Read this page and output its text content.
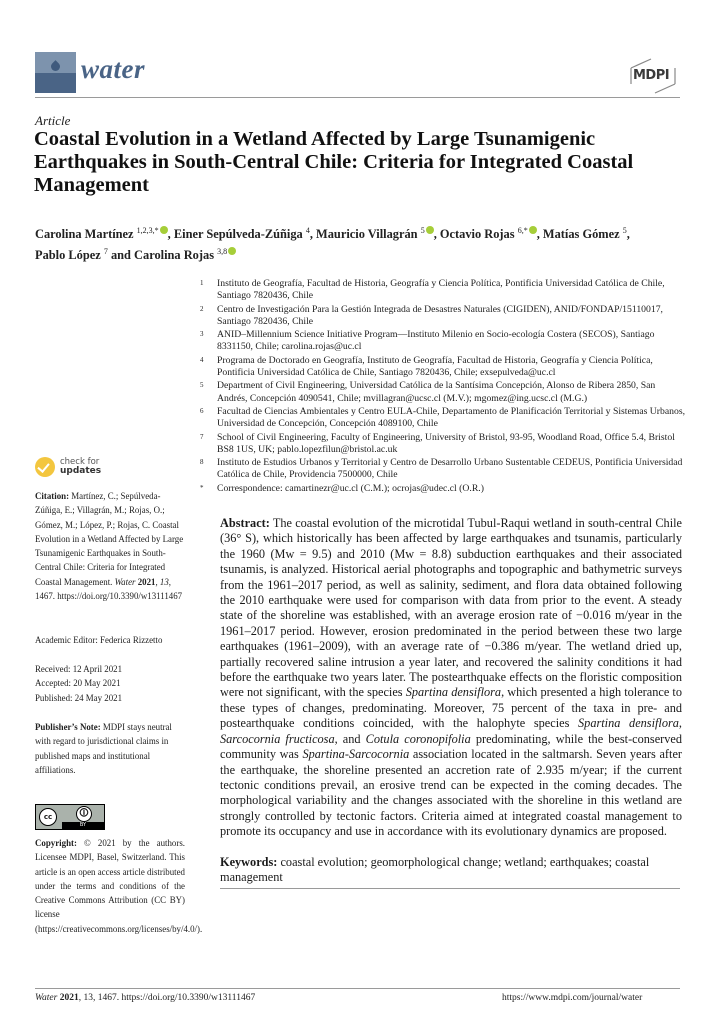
water	MDPI
Article
Coastal Evolution in a Wetland Affected by Large Tsunamigenic Earthquakes in South-Central Chile: Criteria for Integrated Coastal Management
Carolina Martínez $^{1,2,3,*}$ , Einer Sepúlveda-Zúñiga $^4$, Mauricio Villagrán $^5$ , Octavio Rojas $^{6,*}$ , Matías Gómez $^5$,
Pablo López $^7$ and Carolina Rojas $^{3,8}$
1 Instituto de Geografía, Facultad de Historia, Geografía y Ciencia Política, Pontificia Universidad Católica de Chile, Santiago 7820436, Chile
2 Centro de Investigación Para la Gestión Integrada de Desastres Naturales (CIGIDEN), ANID/FONDAP/15110017, Santiago 7820436, Chile
3 ANID–Millennium Science Initiative Program—Instituto Milenio en Socio-ecología Costera (SECOS), Santiago 8331150, Chile; carolina.rojas@uc.cl
4 Programa de Doctorado en Geografía, Instituto de Geografía, Facultad de Historia, Geografía y Ciencia Política, Pontificia Universidad Católica de Chile, Santiago 7820436, Chile; exsepulveda@uc.cl
5 Department of Civil Engineering, Universidad Católica de la Santísima Concepción, Alonso de Ribera 2850, San Andrés, Concepción 4090541, Chile; mvillagran@ucsc.cl (M.V.); mgomez@ing.ucsc.cl (M.G.)
6 Facultad de Ciencias Ambientales y Centro EULA-Chile, Departamento de Planificación Territorial y Sistemas Urbanos, Universidad de Concepción, Concepción 4089100, Chile
7 School of Civil Engineering, Faculty of Engineering, University of Bristol, 93-95, Woodland Road, Office 5.4, Bristol BS8 1US, UK; pablo.lopezfilun@bristol.ac.uk
8 Instituto de Estudios Urbanos y Territorial y Centro de Desarrollo Urbano Sustentable CEDEUS, Pontificia Universidad Católica de Chile, Providencia 7500000, Chile
* Correspondence: camartinezr@uc.cl (C.M.); ocrojas@udec.cl (O.R.)
check for
updates
Citation: Martínez, C.; Sepúlveda-Zúñiga, E.; Villagrán, M.; Rojas, O.; Gómez, M.; López, P.; Rojas, C. Coastal Evolution in a Wetland Affected by Large Tsunamigenic Earthquakes in South-Central Chile: Criteria for Integrated Coastal Management. Water 2021, 13, 1467. https://doi.org/10.3390/w13111467
Academic Editor: Federica Rizzetto
Received: 12 April 2021
Accepted: 20 May 2021
Published: 24 May 2021
Publisher’s Note: MDPI stays neutral with regard to jurisdictional claims in published maps and institutional affiliations.
cc	🛈
BY
Copyright: © 2021 by the authors. Licensee MDPI, Basel, Switzerland. This article is an open access article distributed under the terms and conditions of the Creative Commons Attribution (CC BY) license (https://creativecommons.org/licenses/by/4.0/).
Abstract: The coastal evolution of the microtidal Tubul-Raqui wetland in south-central Chile (36° S), which historically has been affected by large earthquakes and tsunamis, particularly the 1960 (Mw = 9.5) and 2010 (Mw = 8.8) subduction earthquakes and their associated tsunamis, is analyzed. Historical aerial photographs and topographic and bathymetric surveys from the 1961–2017 period, as well as salinity, sediment, and flora data obtained following the 2010 earthquake were used for comparison with data from prior to the event. A steady state of the shoreline was established, with an average erosion rate of −0.016 m/year in the 1961–2017 period. However, erosion predominated in the period between these two large earthquakes (1961–2009), with an average rate of −0.386 m/year. The wetland dried up, partially recovered saline intrusion a year later, and recovered the salinity conditions it had before the earthquake two years later. The postearthquake effects on the floristic composition were not significant, with the species Spartina densiflora, which presented a high tolerance to these types of changes, predominating. Moreover, 75 percent of the taxa in pre- and postearthquake conditions coincided, with the halophyte species Spartina densiflora, Sarcocornia fructicosa, and Cotula coronopifolia predominating, while the best-conserved community was Spartina-Sarcocornia association located in the saltmarsh. Seven years after the earthquake, the shoreline presented an accretion rate of 2.935 m/year; if the current tectonic conditions prevail, an erosive trend can be expected in the coming decades. The morphological variability and the changes associated with the shoreline in this wetland are strongly controlled by tectonic factors. Criteria aimed at integrated coastal management to promote its occupancy and use in accordance with its evolutionary dynamics are proposed.
Keywords: coastal evolution; geomorphological change; wetland; earthquakes; coastal management
Water 2021, 13, 1467. https://doi.org/10.3390/w13111467	https://www.mdpi.com/journal/water
